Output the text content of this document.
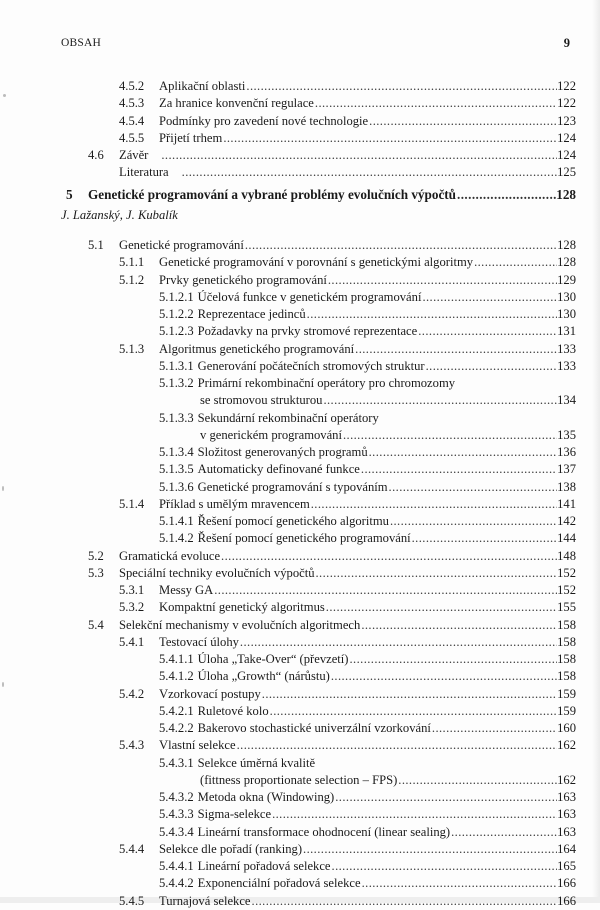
OBSAH	9
4.5.2 Aplikační oblasti .....	122
4.5.3 Za hranice konvenční regulace .....	122
4.5.4 Podmínky pro zavedení nové technologie .....	123
4.5.5 Přijetí trhem .....	124
4.6 Závěr .....	124
Literatura .....	125
5 Genetické programování a vybrané problémy evolučních výpočtů .....	128
5.1 Genetické programování .....	128
5.1.1 Genetické programování v porovnání s genetickými algoritmy .....	128
5.1.2 Prvky genetického programování .....	129
5.1.2.1 Účelová funkce v genetickém programování .....	130
5.1.2.2 Reprezentace jedinců .....	130
5.1.2.3 Požadavky na prvky stromové reprezentace .....	131
5.1.3 Algoritmus genetického programování .....	133
5.1.3.1 Generování počátečních stromových struktur .....	133
5.1.3.2 Primární rekombinační operátory pro chromozomy
se stromovou strukturou .....	134
5.1.3.3 Sekundární rekombinační operátory
v generickém programování .....	135
5.1.3.4 Složitost generovaných programů .....	136
5.1.3.5 Automaticky definované funkce .....	137
5.1.3.6 Genetické programování s typováním .....	138
5.1.4 Příklad s umělým mravencem .....	141
5.1.4.1 Řešení pomocí genetického algoritmu .....	142
5.1.4.2 Řešení pomocí genetického programování .....	144
5.2 Gramatická evoluce .....	148
5.3 Speciální techniky evolučních výpočtů .....	152
5.3.1 Messy GA .....	152
5.3.2 Kompaktní genetický algoritmus .....	155
5.4 Selekční mechanismy v evolučních algoritmech .....	158
5.4.1 Testovací úlohy .....	158
5.4.1.1 Úloha „Take-Over“ (převzetí) .....	158
5.4.1.2 Úloha „Growth“ (nárůstu) .....	158
5.4.2 Vzorkovací postupy .....	159
5.4.2.1 Ruletové kolo .....	159
5.4.2.2 Bakerovo stochastické univerzální vzorkování .....	160
5.4.3 Vlastní selekce .....	162
5.4.3.1 Selekce úměrná kvalitě
(fittness proportionate selection – FPS) .....	162
5.4.3.2 Metoda okna (Windowing) .....	163
5.4.3.3 Sigma-selekce .....	163
5.4.3.4 Lineární transformace ohodnocení (linear sealing) .....	163
5.4.4 Selekce dle pořadí (ranking) .....	164
5.4.4.1 Lineární pořadová selekce .....	165
5.4.4.2 Exponenciální pořadová selekce .....	166
5.4.5 Turnajová selekce .....	166
J. Lažanský, J. Kubalík
